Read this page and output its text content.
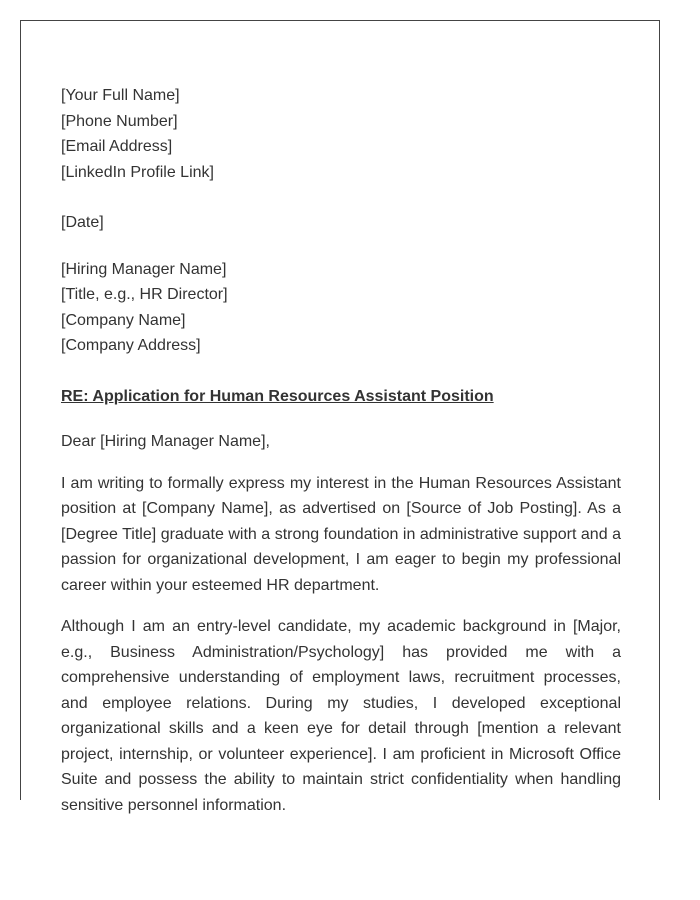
[Your Full Name]
[Phone Number]
[Email Address]
[LinkedIn Profile Link]
[Date]
[Hiring Manager Name]
[Title, e.g., HR Director]
[Company Name]
[Company Address]
RE: Application for Human Resources Assistant Position
Dear [Hiring Manager Name],

I am writing to formally express my interest in the Human Resources Assistant position at [Company Name], as advertised on [Source of Job Posting]. As a [Degree Title] graduate with a strong foundation in administrative support and a passion for organizational development, I am eager to begin my professional career within your esteemed HR department.

Although I am an entry-level candidate, my academic background in [Major, e.g., Business Administration/Psychology] has provided me with a comprehensive understanding of employment laws, recruitment processes, and employee relations. During my studies, I developed exceptional organizational skills and a keen eye for detail through [mention a relevant project, internship, or volunteer experience]. I am proficient in Microsoft Office Suite and possess the ability to maintain strict confidentiality when handling sensitive personnel information.
